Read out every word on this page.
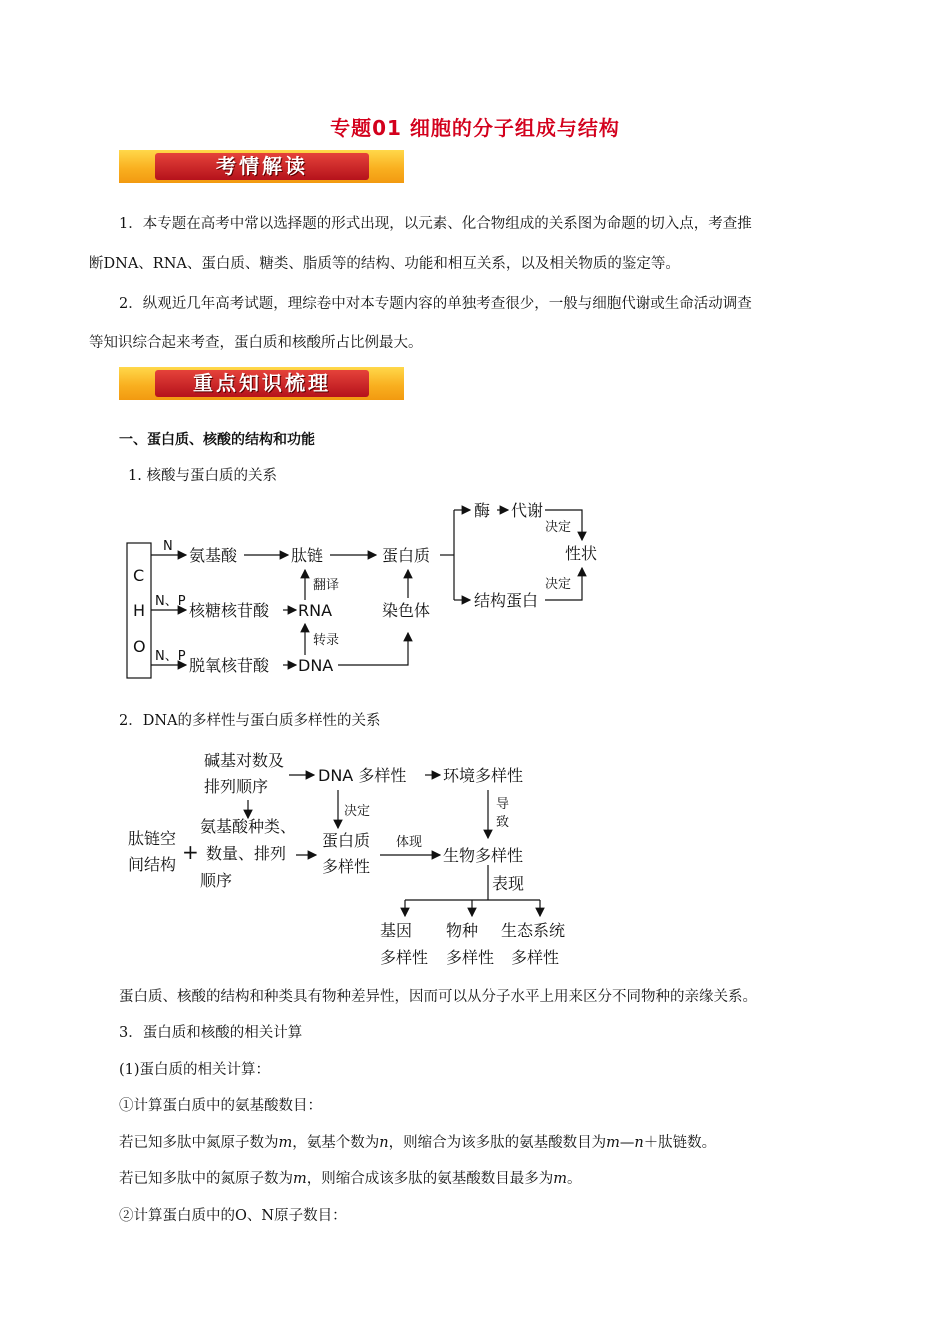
专题01 细胞的分子组成与结构
考情解读
1．本专题在高考中常以选择题的形式出现，以元素、化合物组成的关系图为命题的切入点，考查推
断DNA、RNA、蛋白质、糖类、脂质等的结构、功能和相互关系，以及相关物质的鉴定等。
2．纵观近几年高考试题，理综卷中对本专题内容的单独考查很少，一般与细胞代谢或生命活动调查
等知识综合起来考查，蛋白质和核酸所占比例最大。
重点知识梳理
一、蛋白质、核酸的结构和功能
1. 核酸与蛋白质的关系
C
H
O
N
N、P
N、P
氨基酸	肽链	蛋白质
核糖核苷酸 RNA
脱氧核苷酸 DNA
翻译
转录
染色体
酶 代谢
决定
性状
决定
结构蛋白
2．DNA的多样性与蛋白质多样性的关系
碱基对数及
排列顺序
DNA 多样性 环境多样性
决定	导
致
肽链空
间结构
+
氨基酸种类、
数量、排列
顺序
蛋白质
多样性
体现
生物多样性
表现
基因
多样性
物种
多样性
生态系统
多样性
蛋白质、核酸的结构和种类具有物种差异性，因而可以从分子水平上用来区分不同物种的亲缘关系。
3．蛋白质和核酸的相关计算
(1)蛋白质的相关计算：
①计算蛋白质中的氨基酸数目：
若已知多肽中氮原子数为m，氨基个数为n，则缩合为该多肽的氨基酸数目为m—n＋肽链数。
若已知多肽中的氮原子数为m，则缩合成该多肽的氨基酸数目最多为m。
②计算蛋白质中的O、N原子数目：
